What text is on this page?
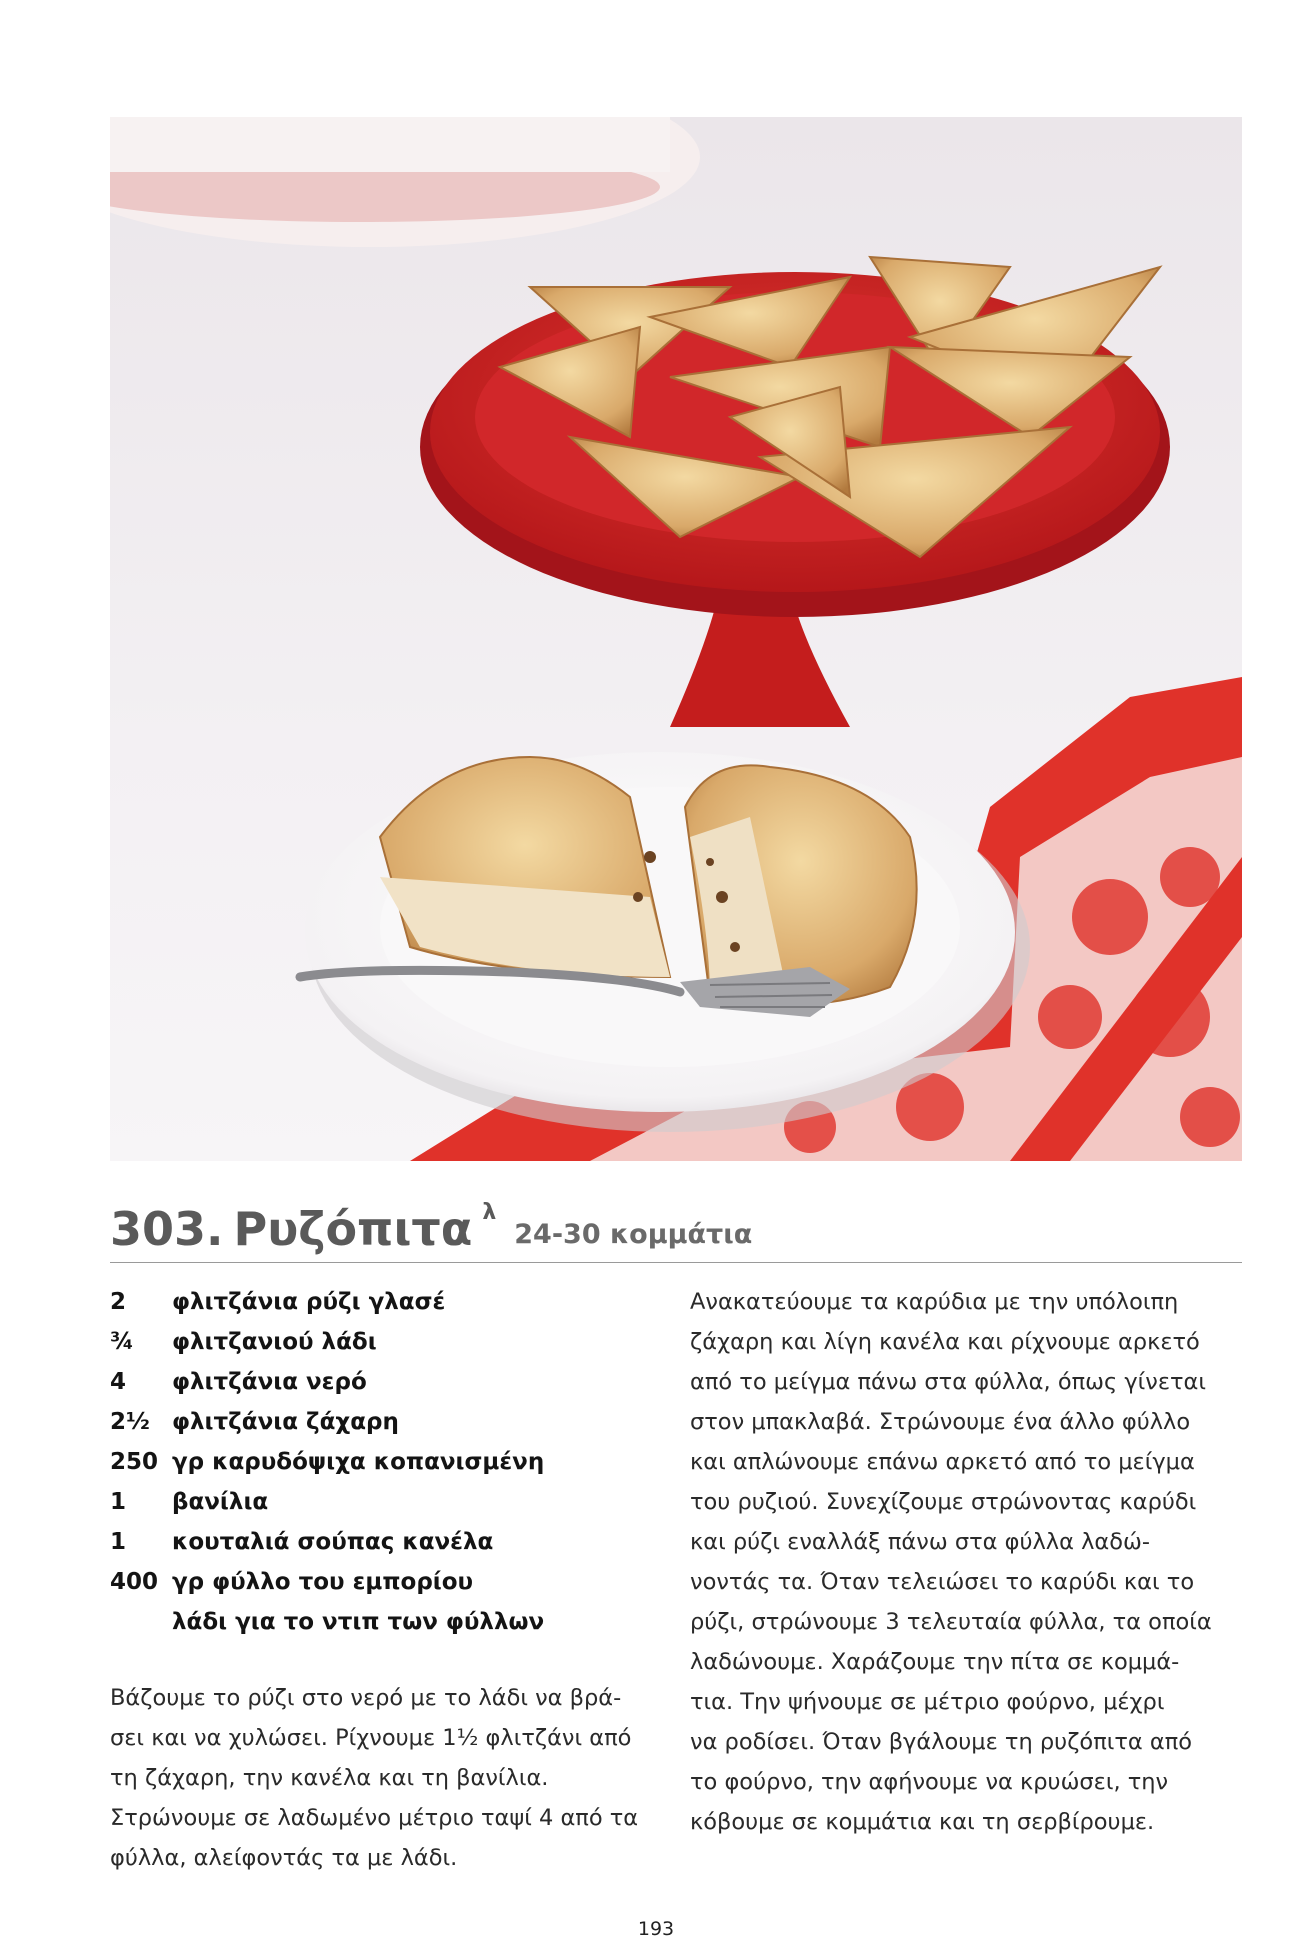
303. Ρυζόπιτα λ
24-30 κομμάτια
2	φλιτζάνια ρύζι γλασέ
¾	φλιτζανιού λάδι
4	φλιτζάνια νερό
2½ φλιτζάνια ζάχαρη
250 γρ καρυδόψιχα κοπανισμένη
1	βανίλια
1	κουταλιά σούπας κανέλα
400 γρ φύλλο του εμπορίου
λάδι για το ντιπ των φύλλων

Βάζουμε το ρύζι στο νερό με το λάδι να βρά-
σει και να χυλώσει. Ρίχνουμε 1½ φλιτζάνι από
τη ζάχαρη, την κανέλα και τη βανίλια.
Στρώνουμε σε λαδωμένο μέτριο ταψί 4 από τα
φύλλα, αλείφοντάς τα με λάδι.

Ανακατεύουμε τα καρύδια με την υπόλοιπη
ζάχαρη και λίγη κανέλα και ρίχνουμε αρκετό
από το μείγμα πάνω στα φύλλα, όπως γίνεται
στον μπακλαβά. Στρώνουμε ένα άλλο φύλλο
και απλώνουμε επάνω αρκετό από το μείγμα
του ρυζιού. Συνεχίζουμε στρώνοντας καρύδι
και ρύζι εναλλάξ πάνω στα φύλλα λαδώ-
νοντάς τα. Όταν τελειώσει το καρύδι και το
ρύζι, στρώνουμε 3 τελευταία φύλλα, τα οποία
λαδώνουμε. Χαράζουμε την πίτα σε κομμά-
τια. Την ψήνουμε σε μέτριο φούρνο, μέχρι
να ροδίσει. Όταν βγάλουμε τη ρυζόπιτα από
το φούρνο, την αφήνουμε να κρυώσει, την
κόβουμε σε κομμάτια και τη σερβίρουμε.

193
